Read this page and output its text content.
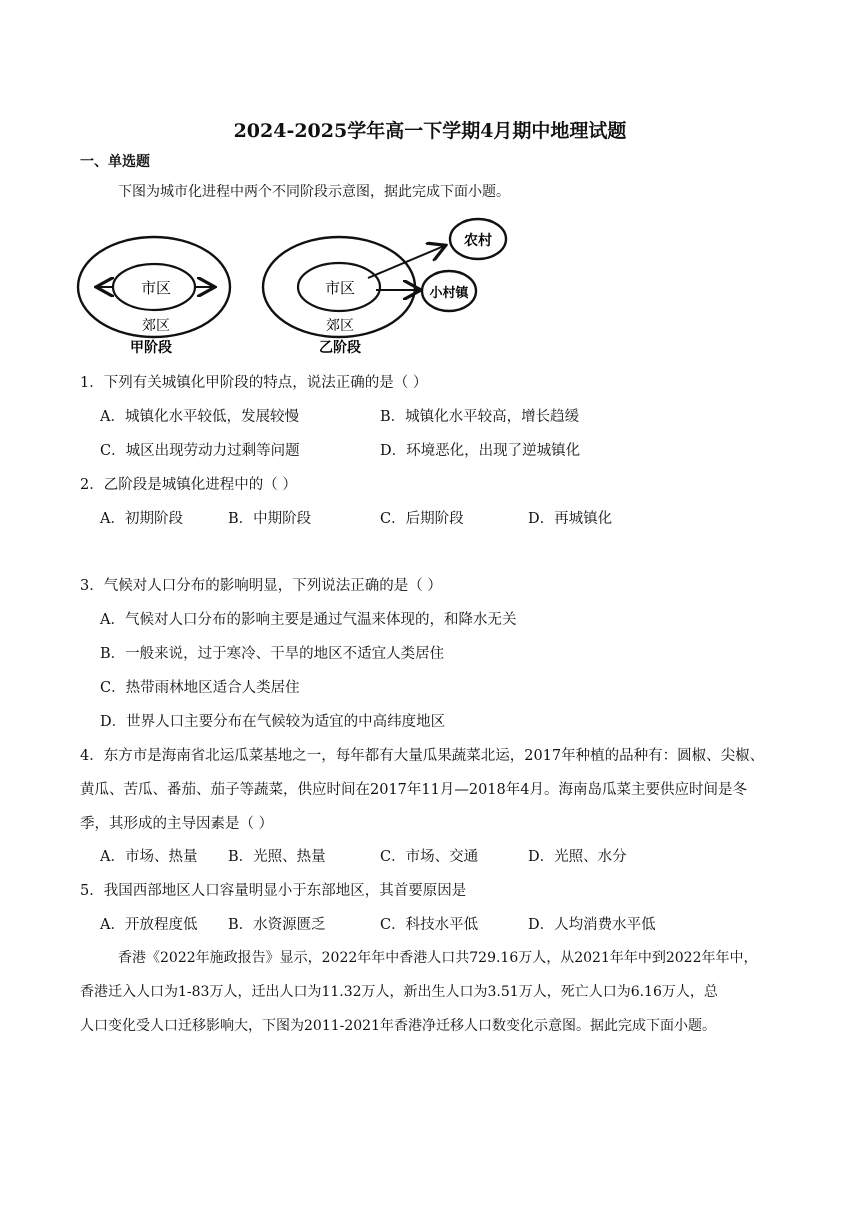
2024-2025学年高一下学期4月期中地理试题
一、单选题
下图为城市化进程中两个不同阶段示意图，据此完成下面小题。
市区
郊区
甲阶段
市区
郊区
乙阶段
农村
小村镇
1．下列有关城镇化甲阶段的特点，说法正确的是（ ）
A．城镇化水平较低，发展较慢	B．城镇化水平较高，增长趋缓
C．城区出现劳动力过剩等问题	D．环境恶化，出现了逆城镇化
2．乙阶段是城镇化进程中的（ ）
A．初期阶段	B．中期阶段	C．后期阶段	D．再城镇化
3．气候对人口分布的影响明显，下列说法正确的是（ ）
A．气候对人口分布的影响主要是通过气温来体现的，和降水无关
B．一般来说，过于寒冷、干旱的地区不适宜人类居住
C．热带雨林地区适合人类居住
D．世界人口主要分布在气候较为适宜的中高纬度地区
4．东方市是海南省北运瓜菜基地之一，每年都有大量瓜果蔬菜北运，2017年种植的品种有：圆椒、尖椒、
黄瓜、苦瓜、番茄、茄子等蔬菜，供应时间在2017年11月—2018年4月。海南岛瓜菜主要供应时间是冬
季，其形成的主导因素是（ ）
A．市场、热量 B．光照、热量	C．市场、交通	D．光照、水分
5．我国西部地区人口容量明显小于东部地区，其首要原因是
A．开放程度低 B．水资源匮乏	C．科技水平低	D．人均消费水平低
香港《2022年施政报告》显示，2022年年中香港人口共729.16万人，从2021年年中到2022年年中，
香港迁入人口为1-83万人，迁出人口为11.32万人，新出生人口为3.51万人，死亡人口为6.16万人，总
人口变化受人口迁移影响大，下图为2011-2021年香港净迁移人口数变化示意图。据此完成下面小题。
